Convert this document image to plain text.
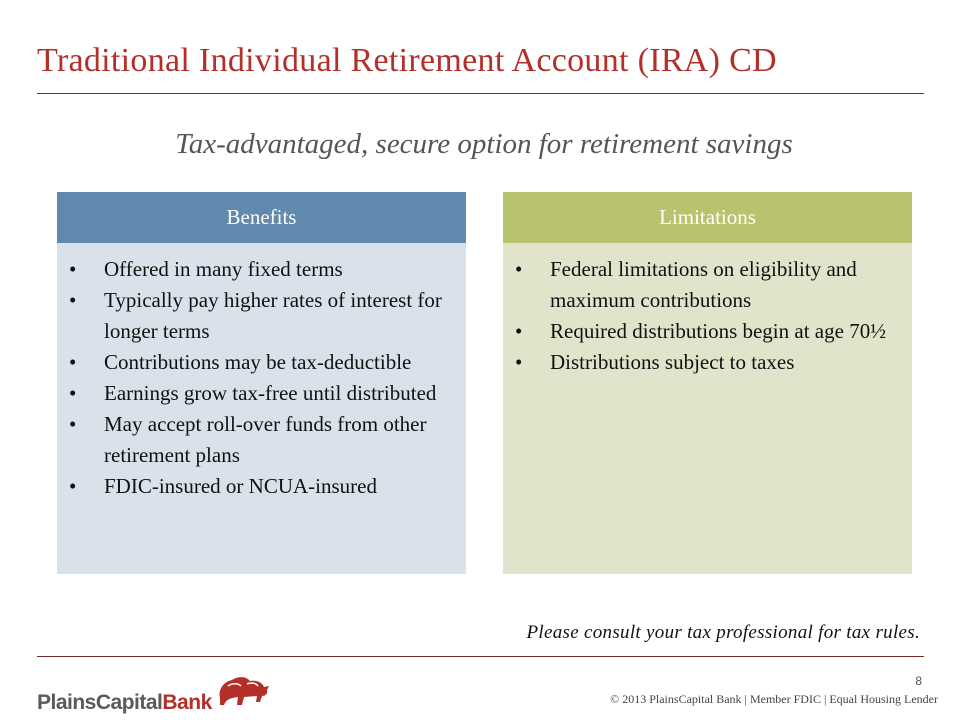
Traditional Individual Retirement Account (IRA) CD
Tax-advantaged, secure option for retirement savings
Benefits
•	Offered in many fixed terms
•	Typically pay higher rates of interest for longer terms
•	Contributions may be tax-deductible
•	Earnings grow tax-free until distributed
•	May accept roll-over funds from other retirement plans
•	FDIC-insured or NCUA-insured
Limitations
•	Federal limitations on eligibility and maximum contributions
•	Required distributions begin at age 70½
•	Distributions subject to taxes
Please consult your tax professional for tax rules.
PlainsCapitalBank
8
© 2013 PlainsCapital Bank | Member FDIC | Equal Housing Lender
